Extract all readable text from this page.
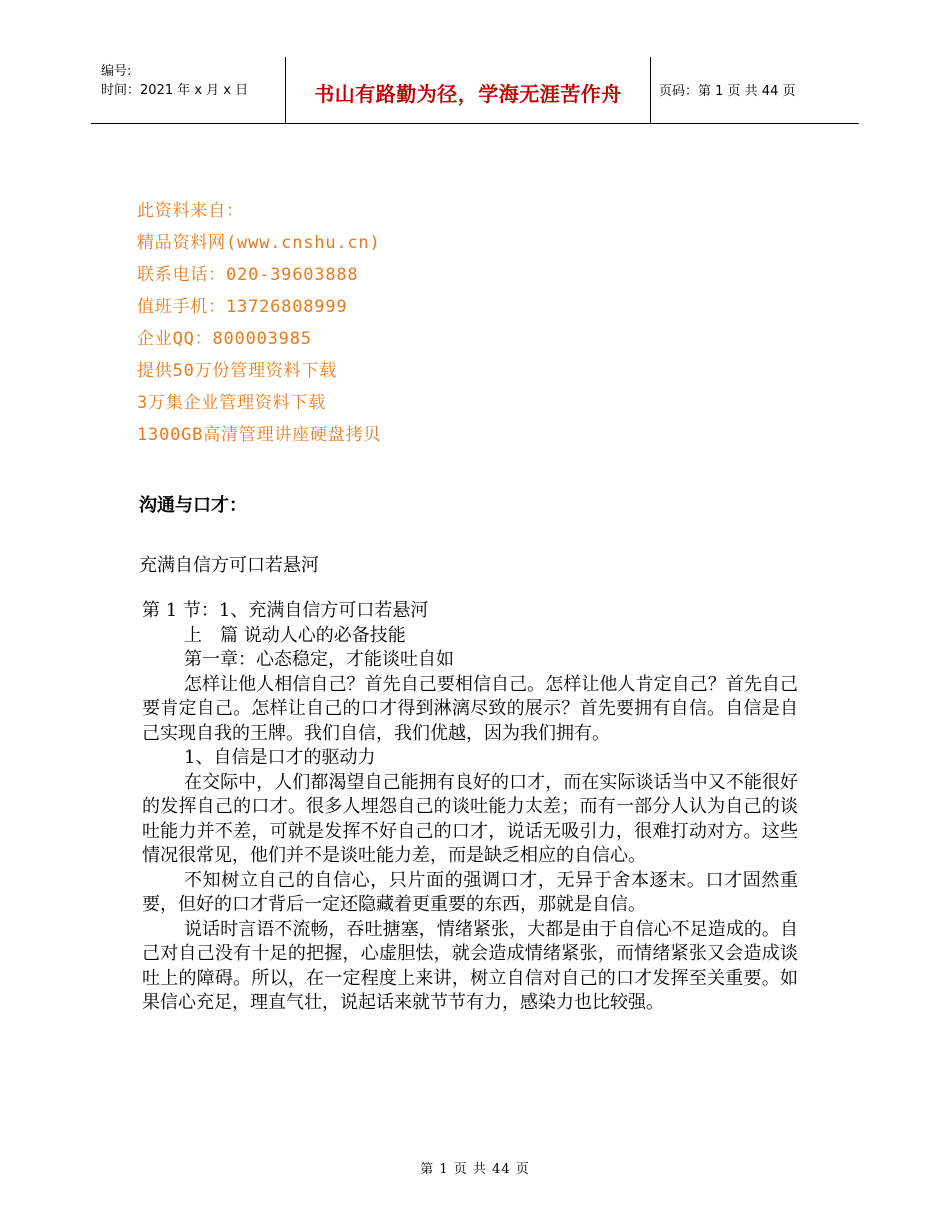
编号:
时间：2021 年 x 月 x 日	书山有路勤为径，学海无涯苦作舟	页码：第 1 页 共 44 页
此资料来自：
精品资料网(www.cnshu.cn)
联系电话：020-39603888
值班手机：13726808999
企业QQ：800003985
提供50万份管理资料下载
3万集企业管理资料下载
1300GB高清管理讲座硬盘拷贝
沟通与口才：
充满自信方可口若悬河

第 1 节：1、充满自信方可口若悬河

上 篇 说动人心的必备技能

第一章：心态稳定，才能谈吐自如

怎样让他人相信自己？首先自己要相信自己。怎样让他人肯定自己？首先自己要肯定自己。怎样让自己的口才得到淋漓尽致的展示？首先要拥有自信。自信是自己实现自我的王牌。我们自信，我们优越，因为我们拥有。

1、自信是口才的驱动力

在交际中，人们都渴望自己能拥有良好的口才，而在实际谈话当中又不能很好的发挥自己的口才。很多人埋怨自己的谈吐能力太差；而有一部分人认为自己的谈吐能力并不差，可就是发挥不好自己的口才，说话无吸引力，很难打动对方。这些情况很常见，他们并不是谈吐能力差，而是缺乏相应的自信心。

不知树立自己的自信心，只片面的强调口才，无异于舍本逐末。口才固然重要，但好的口才背后一定还隐藏着更重要的东西，那就是自信。

说话时言语不流畅，吞吐搪塞，情绪紧张，大都是由于自信心不足造成的。自己对自己没有十足的把握，心虚胆怯，就会造成情绪紧张，而情绪紧张又会造成谈吐上的障碍。所以，在一定程度上来讲，树立自信对自己的口才发挥至关重要。如果信心充足，理直气壮，说起话来就节节有力，感染力也比较强。

第 1 页 共 44 页
